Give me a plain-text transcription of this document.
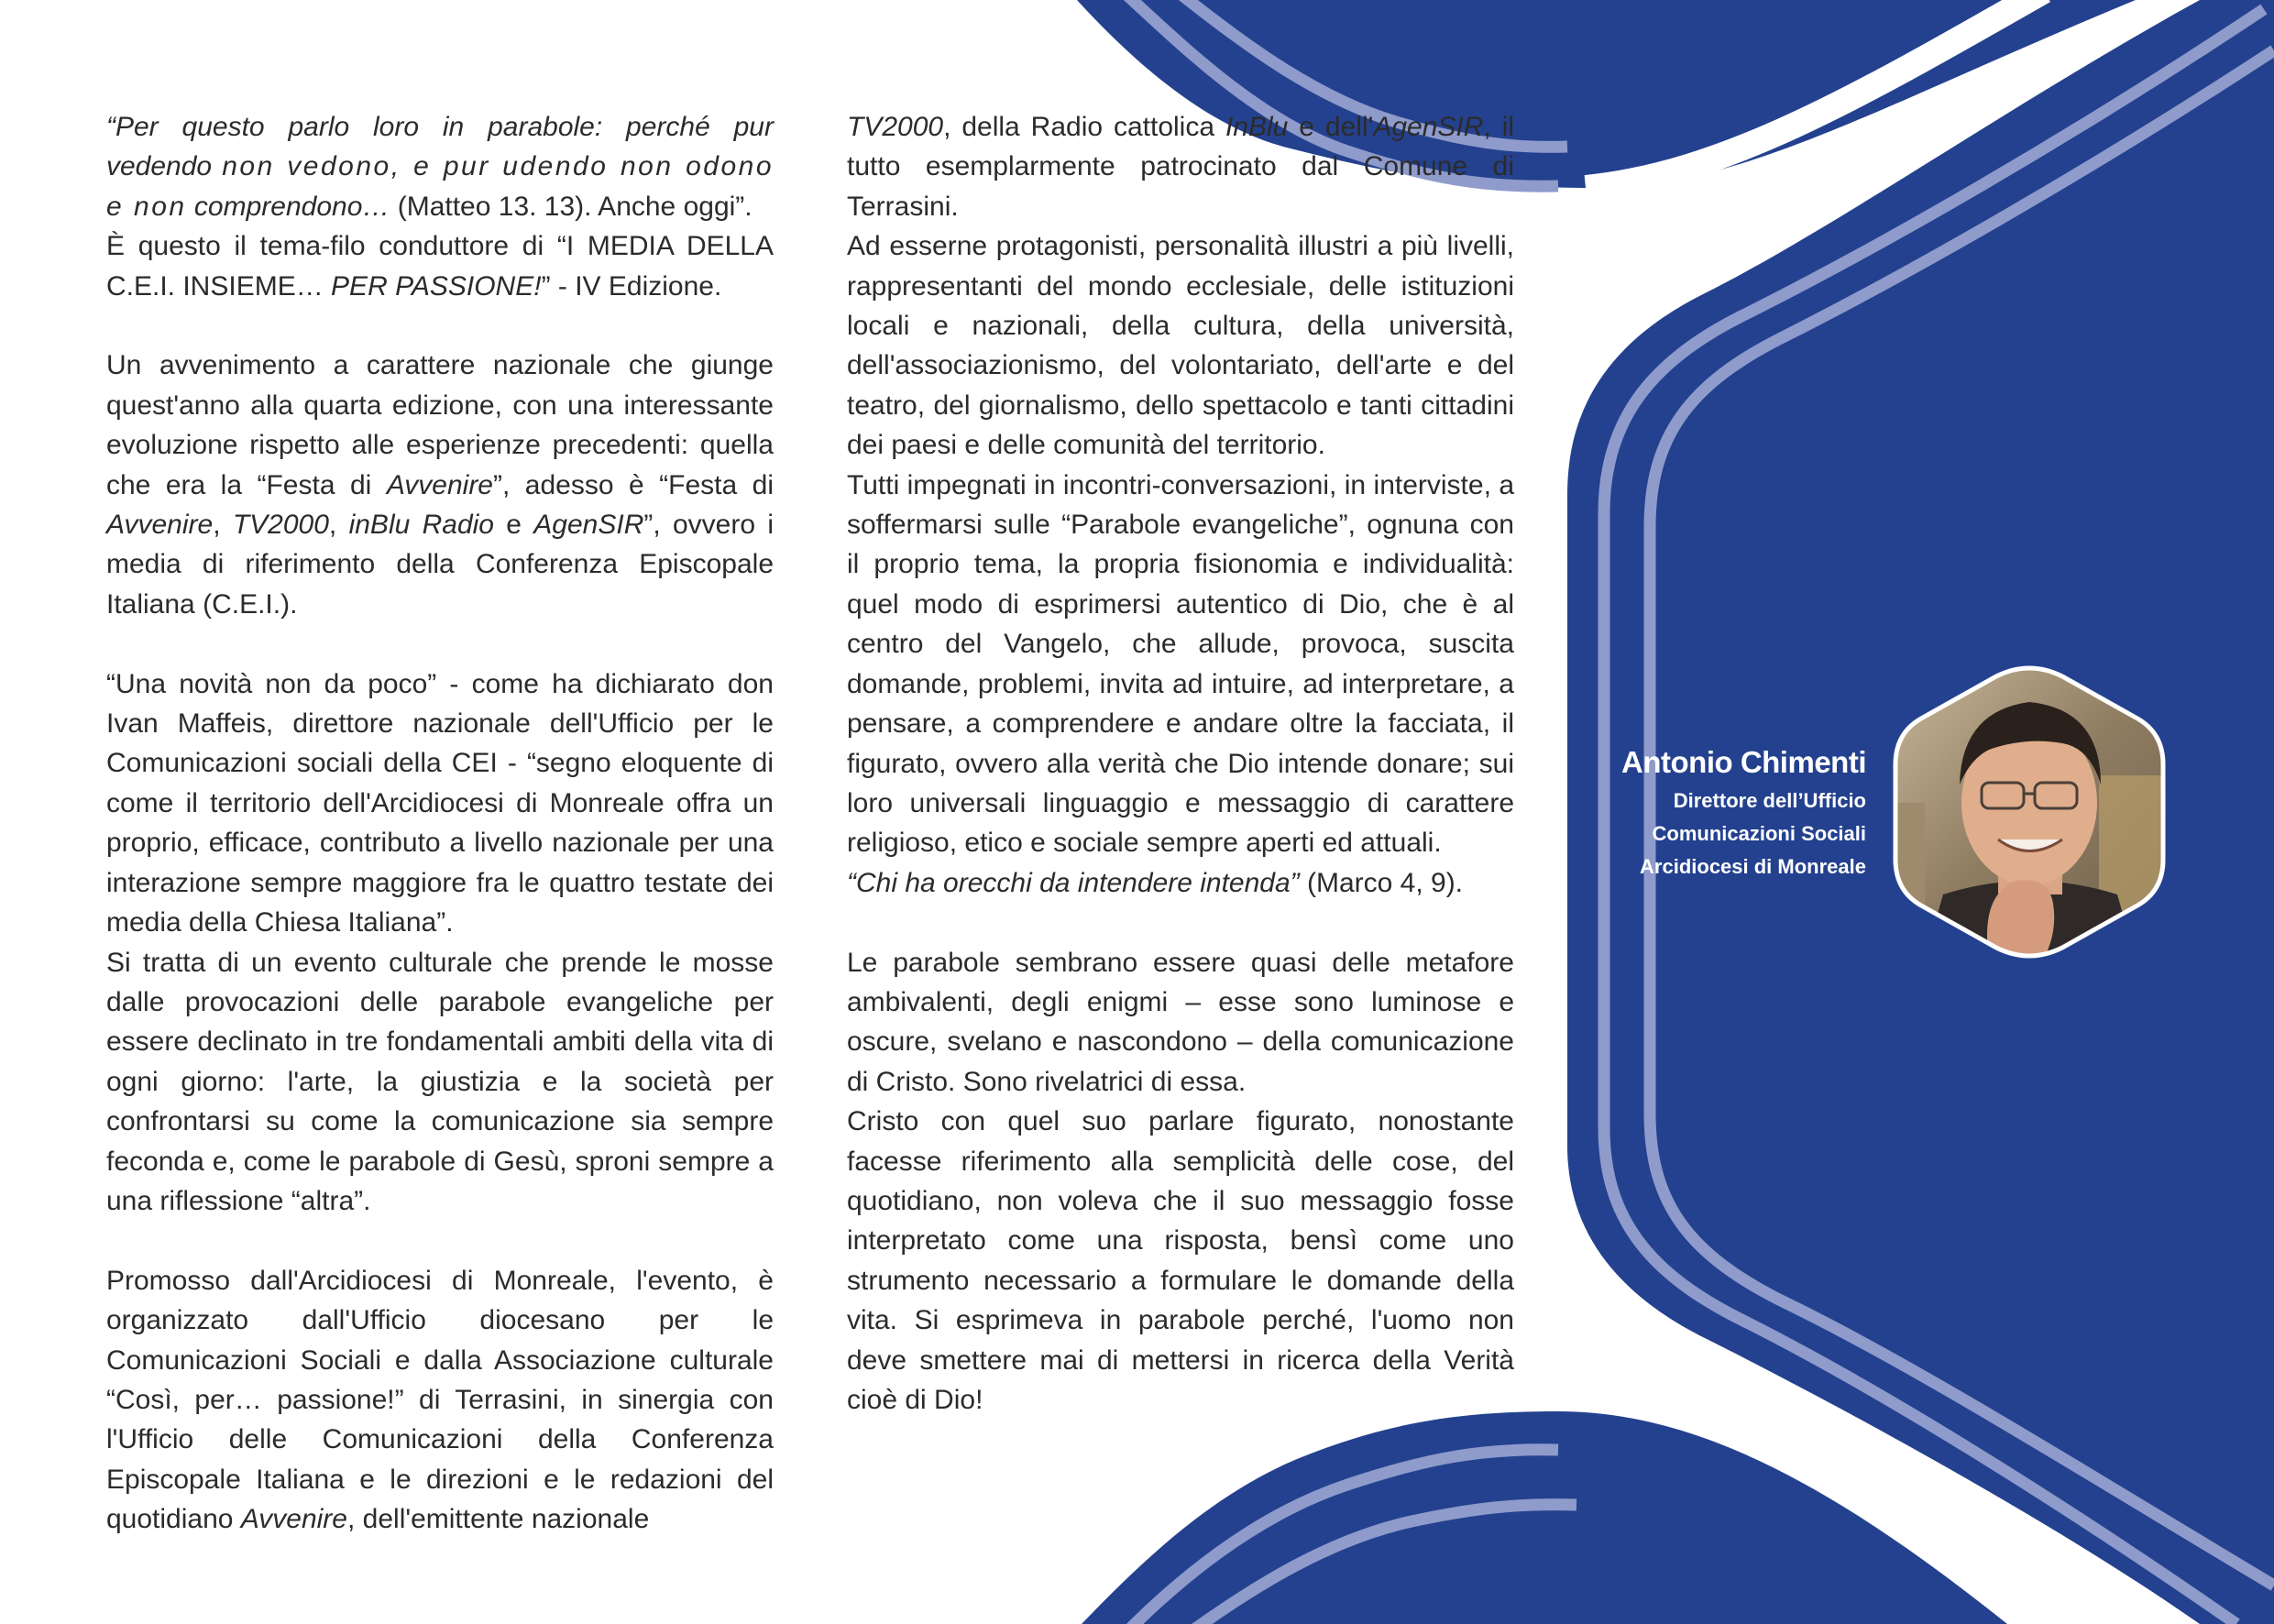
“Per questo parlo loro in parabole: perché pur vedendo non vedono, e pur udendo non odono e non comprendono… (Matteo 13. 13). Anche oggi”.

È questo il tema-filo conduttore di “I MEDIA DELLA C.E.I. INSIEME… PER PASSIONE!” - IV Edizione.

Un avvenimento a carattere nazionale che giunge quest'anno alla quarta edizione, con una interessante evoluzione rispetto alle esperienze precedenti: quella che era la “Festa di Avvenire”, adesso è “Festa di Avvenire, TV2000, inBlu Radio e AgenSIR”, ovvero i media di riferimento della Conferenza Episcopale Italiana (C.E.I.).

“Una novità non da poco” - come ha dichiarato don Ivan Maffeis, direttore nazionale dell'Ufficio per le Comunicazioni sociali della CEI - “segno eloquente di come il territorio dell'Arcidiocesi di Monreale offra un proprio, efficace, contributo a livello nazionale per una interazione sempre maggiore fra le quattro testate dei media della Chiesa Italiana”.

Si tratta di un evento culturale che prende le mosse dalle provocazioni delle parabole evangeliche per essere declinato in tre fondamentali ambiti della vita di ogni giorno: l'arte, la giustizia e la società per confrontarsi su come la comunicazione sia sempre feconda e, come le parabole di Gesù, sproni sempre a una riflessione “altra”.

Promosso dall'Arcidiocesi di Monreale, l'evento, è organizzato dall'Ufficio diocesano per le Comunicazioni Sociali e dalla Associazione culturale “Così, per… passione!” di Terrasini, in sinergia con l'Ufficio delle Comunicazioni della Conferenza Episcopale Italiana e le direzioni e le redazioni del quotidiano Avvenire, dell'emittente nazionale

TV2000, della Radio cattolica InBlu e dell'AgenSIR, il tutto esemplarmente patrocinato dal Comune di Terrasini.

Ad esserne protagonisti, personalità illustri a più livelli, rappresentanti del mondo ecclesiale, delle istituzioni locali e nazionali, della cultura, della università, dell'associazionismo, del volontariato, dell'arte e del teatro, del giornalismo, dello spettacolo e tanti cittadini dei paesi e delle comunità del territorio.

Tutti impegnati in incontri-conversazioni, in interviste, a soffermarsi sulle “Parabole evangeliche”, ognuna con il proprio tema, la propria fisionomia e individualità: quel modo di esprimersi autentico di Dio, che è al centro del Vangelo, che allude, provoca, suscita domande, problemi, invita ad intuire, ad interpretare, a pensare, a comprendere e andare oltre la facciata, il figurato, ovvero alla verità che Dio intende donare; sui loro universali linguaggio e messaggio di carattere religioso, etico e sociale sempre aperti ed attuali.

“Chi ha orecchi da intendere intenda” (Marco 4, 9).

Le parabole sembrano essere quasi delle metafore ambivalenti, degli enigmi – esse sono luminose e oscure, svelano e nascondono – della comunicazione di Cristo. Sono rivelatrici di essa.

Cristo con quel suo parlare figurato, nonostante facesse riferimento alla semplicità delle cose, del quotidiano, non voleva che il suo messaggio fosse interpretato come una risposta, bensì come uno strumento necessario a formulare le domande della vita. Si esprimeva in parabole perché, l'uomo non deve smettere mai di mettersi in ricerca della Verità cioè di Dio!

Antonio Chimenti
Direttore dell’Ufficio
Comunicazioni Sociali
Arcidiocesi di Monreale
